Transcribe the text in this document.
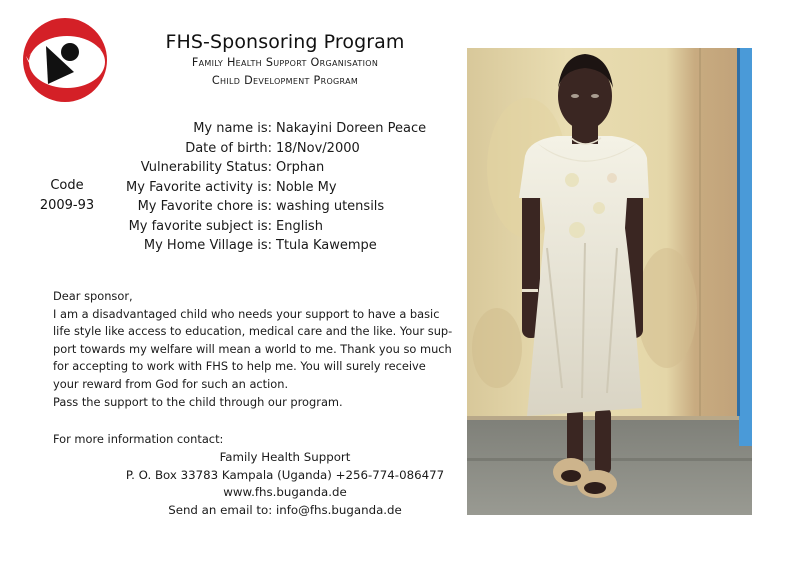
FHS-Sponsoring Program
Family Health Support Organisation
Child Development Program
Code
2009-93
My name is: Nakayini Doreen Peace
Date of birth: 18/Nov/2000
Vulnerability Status: Orphan
My Favorite activity is: Noble My
My Favorite chore is: washing utensils
My favorite subject is: English
My Home Village is: Ttula Kawempe

Dear sponsor,

I am a disadvantaged child who needs your support to have a basic

life style like access to education, medical care and the like. Your sup-

port towards my welfare will mean a world to me. Thank you so much

for accepting to work with FHS to help me. You will surely receive

your reward from God for such an action.

Pass the support to the child through our program.

For more information contact:
Family Health Support
P. O. Box 33783 Kampala (Uganda) +256-774-086477
www.fhs.buganda.de
Send an email to: info@fhs.buganda.de
